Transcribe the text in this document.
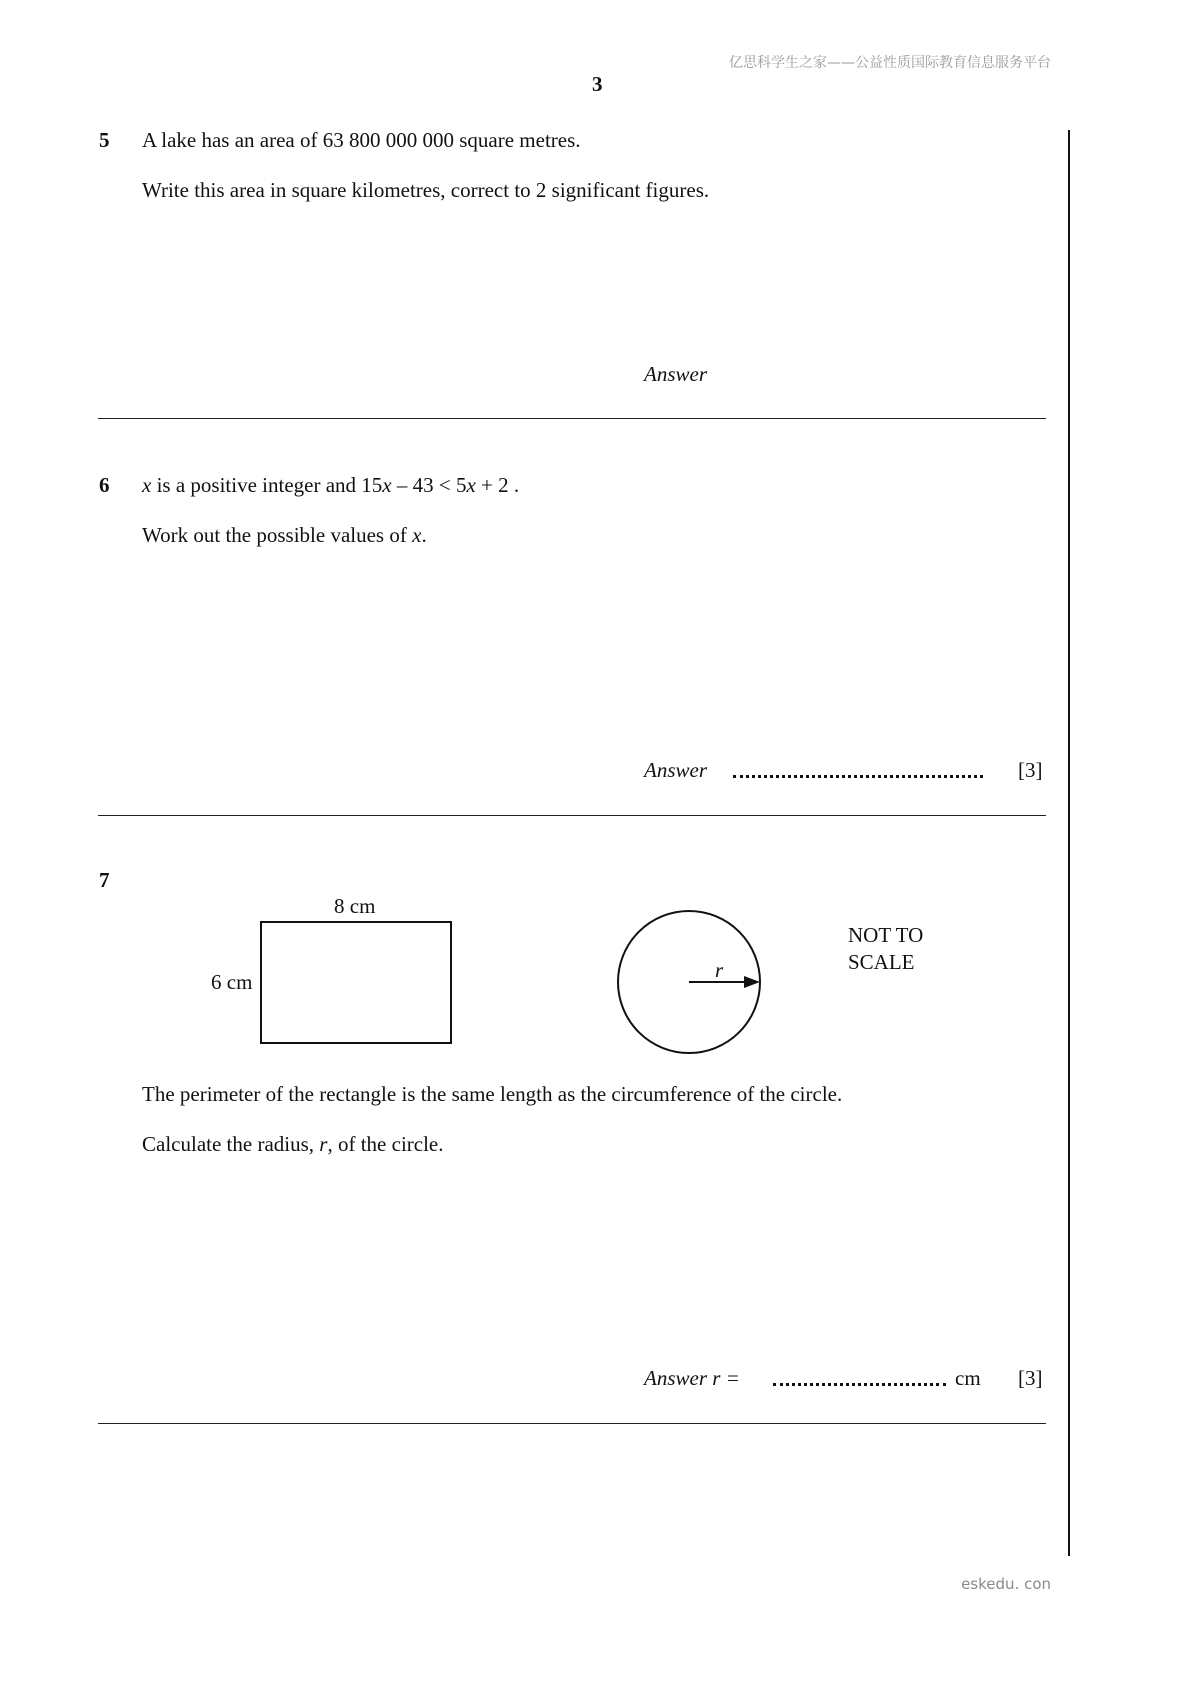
亿思科学生之家——公益性质国际教育信息服务平台
3
5 A lake has an area of 63 800 000 000 square metres.
Write this area in square kilometres, correct to 2 significant figures.
Answer
6 x is a positive integer and 15x – 43 < 5x + 2 .
Work out the possible values of x.
Answer	[3]
7
8 cm
6 cm	r
NOT TO
SCALE
The perimeter of the rectangle is the same length as the circumference of the circle.
Calculate the radius, r, of the circle.
Answer r =	cm [3]
eskedu. con
